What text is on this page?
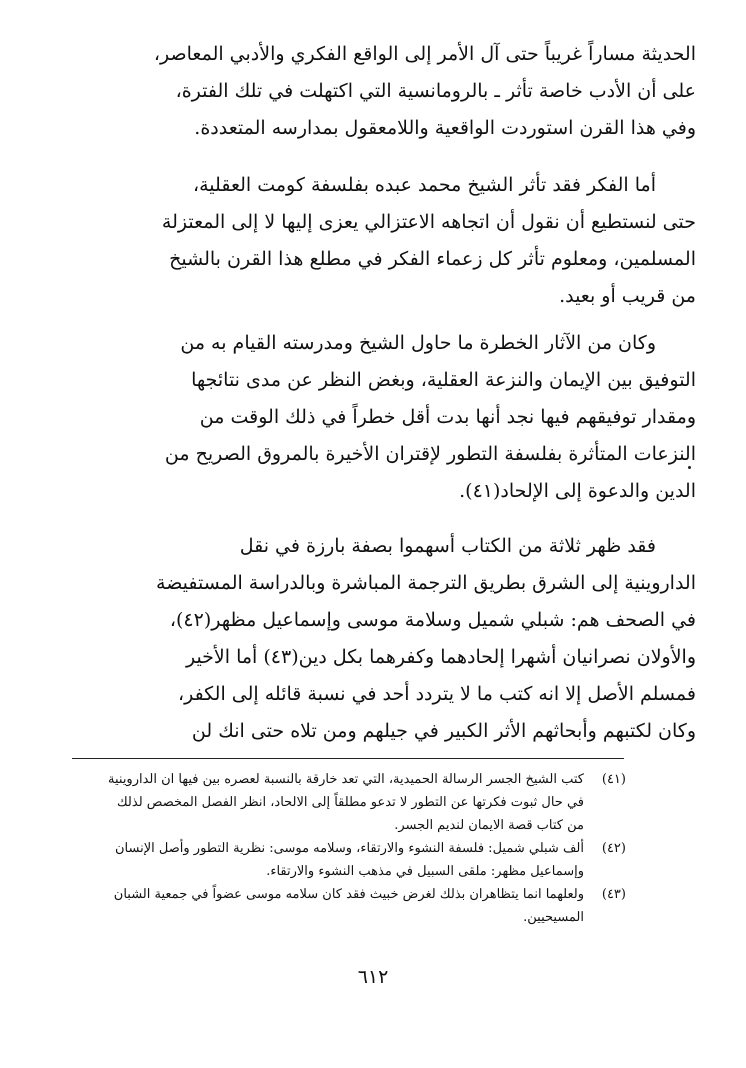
الحديثة مساراً غريباً حتى آل الأمر إلى الواقع الفكري والأدبي المعاصر،
على أن الأدب خاصة تأثر ـ بالرومانسية التي اكتهلت في تلك الفترة،
وفي هذا القرن استوردت الواقعية واللامعقول بمدارسه المتعددة.

أما الفكر فقد تأثر الشيخ محمد عبده بفلسفة كومت العقلية،
حتى لنستطيع أن نقول أن اتجاهه الاعتزالي يعزى إليها لا إلى المعتزلة
المسلمين، ومعلوم تأثر كل زعماء الفكر في مطلع هذا القرن بالشيخ
من قريب أو بعيد.

وكان من الآثار الخطرة ما حاول الشيخ ومدرسته القيام به من
التوفيق بين الإيمان والنزعة العقلية، وبغض النظر عن مدى نتائجها
ومقدار توفيقهم فيها نجد أنها بدت أقل خطراً في ذلك الوقت من
النزعات المتأثرة بفلسفة التطور لإقتران الأخيرة بالمروق الصريح من
الدين والدعوة إلى الإلحاد(٤١).

فقد ظهر ثلاثة من الكتاب أسهموا بصفة بارزة في نقل
الداروينية إلى الشرق بطريق الترجمة المباشرة وبالدراسة المستفيضة
في الصحف هم: شبلي شميل وسلامة موسى وإسماعيل مظهر(٤٢)،
والأولان نصرانيان أشهرا إلحادهما وكفرهما بكل دين(٤٣) أما الأخير
فمسلم الأصل إلا انه كتب ما لا يتردد أحد في نسبة قائله إلى الكفر،
وكان لكتبهم وأبحاثهم الأثر الكبير في جيلهم ومن تلاه حتى انك لن

(٤١)
كتب الشيخ الجسر الرسالة الحميدية، التي تعد خارقة بالنسبة لعصره بين فيها ان الداروينية
في حال ثبوت فكرتها عن التطور لا تدعو مطلقاً إلى الالحاد، انظر الفصل المخصص لذلك
من كتاب قصة الايمان لنديم الجسر.
(٤٢)
ألف شبلي شميل: فلسفة النشوء والارتقاء، وسلامه موسى: نظرية التطور وأصل الإنسان
وإسماعيل مظهر: ملقى السبيل في مذهب النشوء والارتقاء.
(٤٣)
ولعلهما انما يتظاهران بذلك لغرض خبيث فقد كان سلامه موسى عضواً في جمعية الشبان
المسيحيين.
٦١٢
